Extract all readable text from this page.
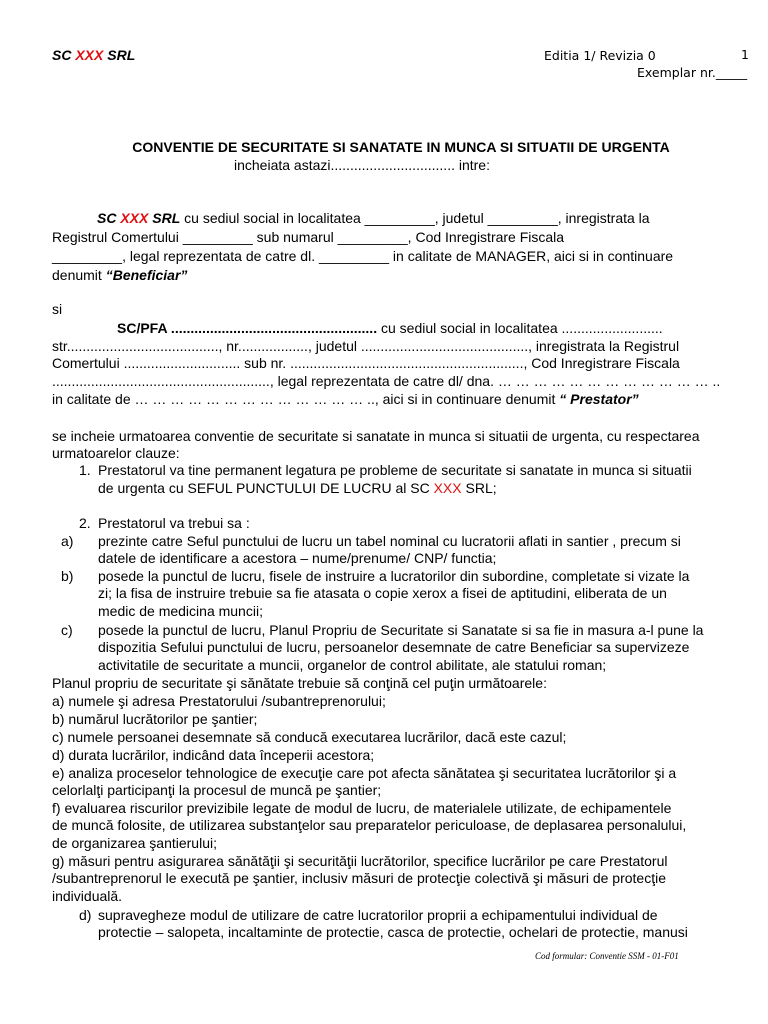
SC XXX SRL	Editia 1/ Revizia 0	1
Exemplar nr._____
CONVENTIE DE SECURITATE SI SANATATE IN MUNCA SI SITUATII DE URGENTA
incheiata astazi................................ intre:
SC XXX SRL cu sediul social in localitatea _________, judetul _________, inregistrata la
Registrul Comertului _________ sub numarul _________, Cod Inregistrare Fiscala
_________, legal reprezentata de catre dl. _________ in calitate de MANAGER, aici si in continuare
denumit “Beneficiar”
si
SC/PFA ..................................................... cu sediul social in localitatea ..........................
str......................................., nr.................., judetul ..........................................., inregistrata la Registrul
Comertului .............................. sub nr. ............................................................, Cod Inregistrare Fiscala
........................................................, legal reprezentata de catre dl/ dna. … … … … … … … … … … … … ..
in calitate de … … … … … … … … … … … … … .., aici si in continuare denumit “ Prestator”
se incheie urmatoarea conventie de securitate si sanatate in munca si situatii de urgenta, cu respectarea
urmatoarelor clauze:
1. Prestatorul va tine permanent legatura pe probleme de securitate si sanatate in munca si situatii
de urgenta cu SEFUL PUNCTULUI DE LUCRU al SC XXX SRL;
2. Prestatorul va trebui sa :
a) prezinte catre Seful punctului de lucru un tabel nominal cu lucratorii aflati in santier , precum si
datele de identificare a acestora – nume/prenume/ CNP/ functia;
b) posede la punctul de lucru, fisele de instruire a lucratorilor din subordine, completate si vizate la
zi; la fisa de instruire trebuie sa fie atasata o copie xerox a fisei de aptitudini, eliberata de un
medic de medicina muncii;
c) posede la punctul de lucru, Planul Propriu de Securitate si Sanatate si sa fie in masura a-l pune la
dispozitia Sefului punctului de lucru, persoanelor desemnate de catre Beneficiar sa supervizeze
activitatile de securitate a muncii, organelor de control abilitate, ale statului roman;
Planul propriu de securitate şi sănătate trebuie să conţină cel puţin următoarele:
a) numele şi adresa Prestatorului /subantreprenorului;
b) numărul lucrătorilor pe şantier;
c) numele persoanei desemnate să conducă executarea lucrărilor, dacă este cazul;
d) durata lucrărilor, indicând data începerii acestora;
e) analiza proceselor tehnologice de execuţie care pot afecta sănătatea şi securitatea lucrătorilor şi a
celorlalţi participanţi la procesul de muncă pe şantier;
f) evaluarea riscurilor previzibile legate de modul de lucru, de materialele utilizate, de echipamentele
de muncă folosite, de utilizarea substanţelor sau preparatelor periculoase, de deplasarea personalului,
de organizarea şantierului;
g) măsuri pentru asigurarea sănătăţii şi securităţii lucrătorilor, specifice lucrărilor pe care Prestatorul
/subantreprenorul le execută pe şantier, inclusiv măsuri de protecţie colectivă şi măsuri de protecţie
individuală.
d) supravegheze modul de utilizare de catre lucratorilor proprii a echipamentului individual de
protectie – salopeta, incaltaminte de protectie, casca de protectie, ochelari de protectie, manusi
Cod formular: Conventie SSM - 01-F01
